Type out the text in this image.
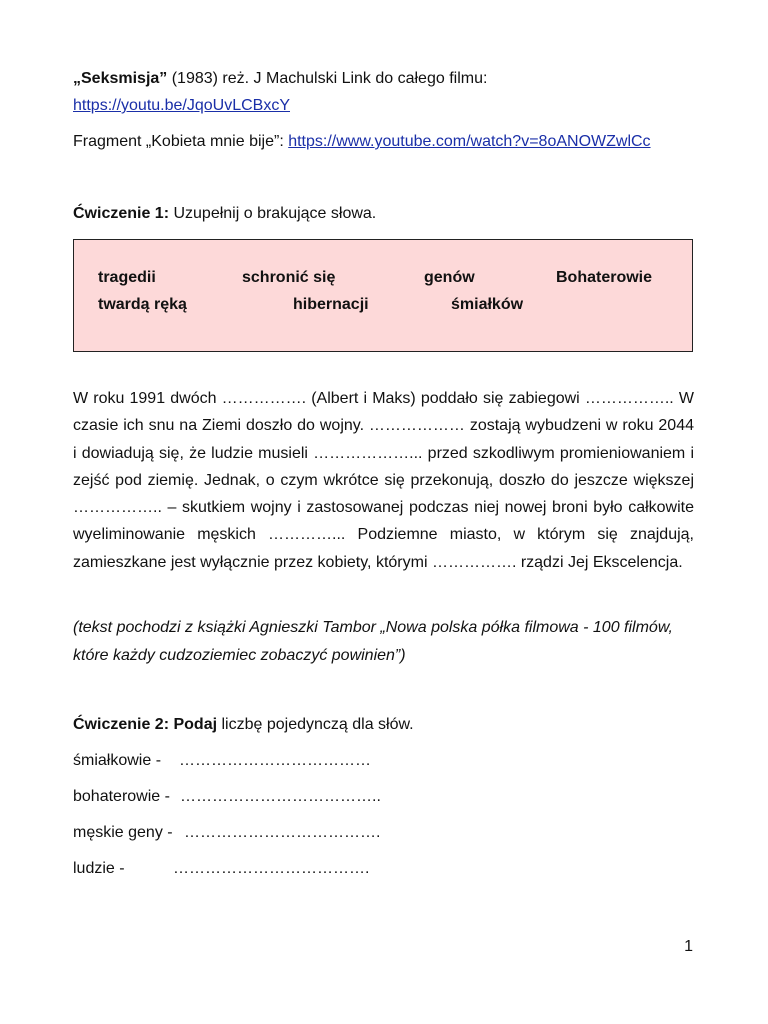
„Seksmisja” (1983) reż. J Machulski Link do całego filmu:
https://youtu.be/JqoUvLCBxcY
Fragment „Kobieta mnie bije”: https://www.youtube.com/watch?v=8oANOWZwlCc
Ćwiczenie 1: Uzupełnij o brakujące słowa.
tragedii	schronić się	genów	Bohaterowie
twardą ręką	hibernacji	śmiałków

W roku 1991 dwóch ……………. (Albert i Maks) poddało się zabiegowi …………….. W czasie ich snu na Ziemi doszło do wojny. ……………… zostają wybudzeni w roku 2044 i dowiadują się, że ludzie musieli ………………... przed szkodliwym promieniowaniem i zejść pod ziemię. Jednak, o czym wkrótce się przekonują, doszło do jeszcze większej …………….. – skutkiem wojny i zastosowanej podczas niej nowej broni było całkowite wyeliminowanie męskich …………... Podziemne miasto, w którym się znajdują, zamieszkane jest wyłącznie przez kobiety, którymi ……………. rządzi Jej Ekscelencja.

(tekst pochodzi z książki Agnieszki Tambor „Nowa polska półka filmowa - 100 filmów, które każdy cudzoziemiec zobaczyć powinien”)

Ćwiczenie 2: Podaj liczbę pojedynczą dla słów.
śmiałkowie - ………………………………
bohaterowie - ………………………………..
męskie geny - ……………………………….
ludzie -	……………………………….
1
